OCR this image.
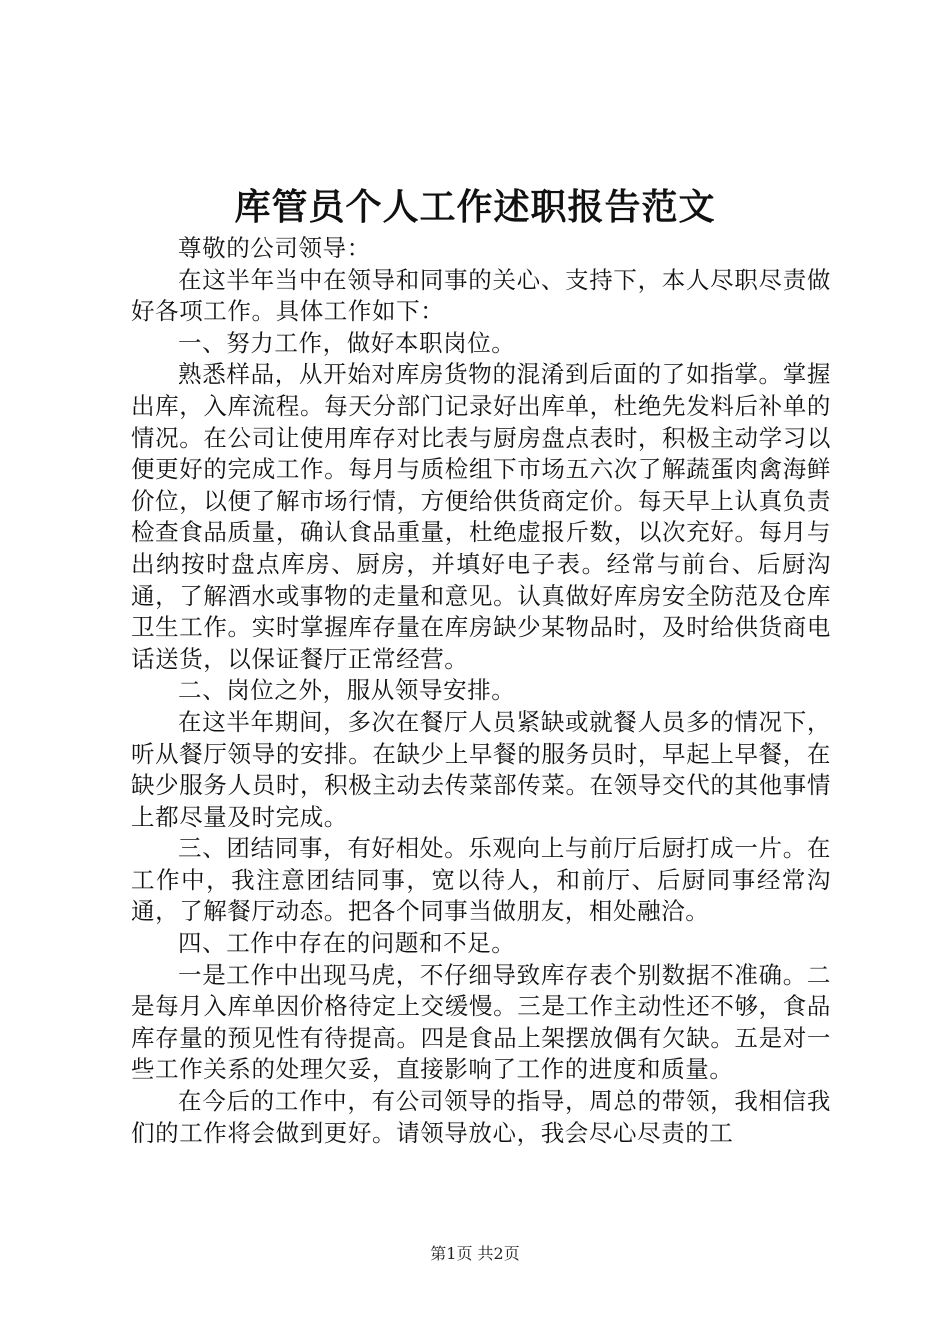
库管员个人工作述职报告范文

尊敬的公司领导：

在这半年当中在领导和同事的关心、支持下，本人尽职尽责做好各项工作。具体工作如下：

一、努力工作，做好本职岗位。

熟悉样品，从开始对库房货物的混淆到后面的了如指掌。掌握出库，入库流程。每天分部门记录好出库单，杜绝先发料后补单的情况。在公司让使用库存对比表与厨房盘点表时，积极主动学习以便更好的完成工作。每月与质检组下市场五六次了解蔬蛋肉禽海鲜价位，以便了解市场行情，方便给供货商定价。每天早上认真负责检查食品质量，确认食品重量，杜绝虚报斤数，以次充好。每月与出纳按时盘点库房、厨房，并填好电子表。经常与前台、后厨沟通，了解酒水或事物的走量和意见。认真做好库房安全防范及仓库卫生工作。实时掌握库存量在库房缺少某物品时，及时给供货商电话送货，以保证餐厅正常经营。

二、岗位之外，服从领导安排。

在这半年期间，多次在餐厅人员紧缺或就餐人员多的情况下，听从餐厅领导的安排。在缺少上早餐的服务员时，早起上早餐，在缺少服务人员时，积极主动去传菜部传菜。在领导交代的其他事情上都尽量及时完成。

三、团结同事，有好相处。乐观向上与前厅后厨打成一片。在工作中，我注意团结同事，宽以待人，和前厅、后厨同事经常沟通，了解餐厅动态。把各个同事当做朋友，相处融洽。

四、工作中存在的问题和不足。

一是工作中出现马虎，不仔细导致库存表个别数据不准确。二是每月入库单因价格待定上交缓慢。三是工作主动性还不够，食品库存量的预见性有待提高。四是食品上架摆放偶有欠缺。五是对一些工作关系的处理欠妥，直接影响了工作的进度和质量。

在今后的工作中，有公司领导的指导，周总的带领，我相信我们的工作将会做到更好。请领导放心，我会尽心尽责的工

第1页 共2页
